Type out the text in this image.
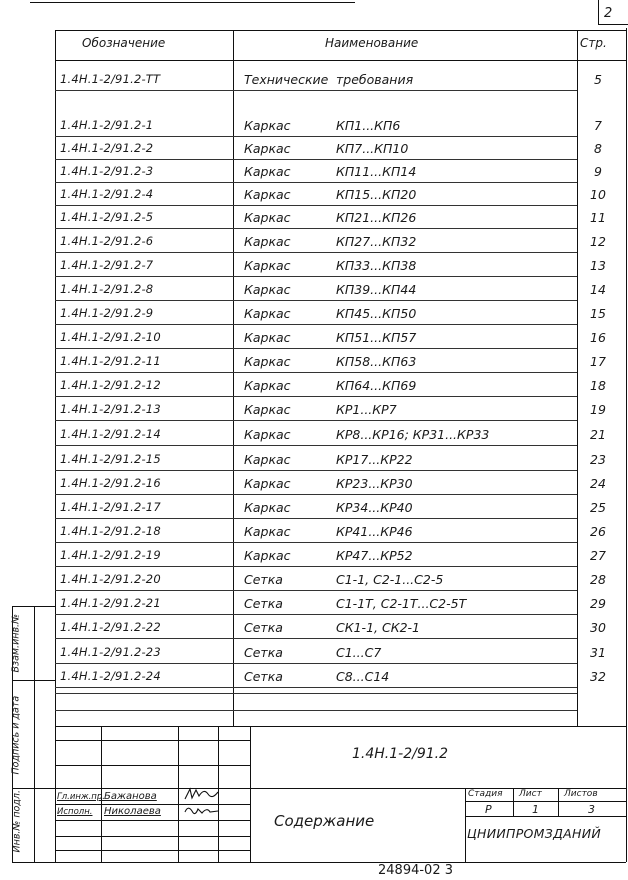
2
Обозначение	Наименование	Стр.
1.4Н.1-2/91.2-ТТ	Технические требования	5
1.4Н.1-2/91.2-1	Каркас	КП1...КП6	7
1.4Н.1-2/91.2-2	Каркас	КП7...КП10	8
1.4Н.1-2/91.2-3	Каркас	КП11...КП14	9
1.4Н.1-2/91.2-4	Каркас	КП15...КП20	10
1.4Н.1-2/91.2-5	Каркас	КП21...КП26	11
1.4Н.1-2/91.2-6	Каркас	КП27...КП32	12
1.4Н.1-2/91.2-7	Каркас	КП33...КП38	13
1.4Н.1-2/91.2-8	Каркас	КП39...КП44	14
1.4Н.1-2/91.2-9	Каркас	КП45...КП50	15
1.4Н.1-2/91.2-10	Каркас	КП51...КП57	16
1.4Н.1-2/91.2-11	Каркас	КП58...КП63	17
1.4Н.1-2/91.2-12	Каркас	КП64...КП69	18
1.4Н.1-2/91.2-13	Каркас	КР1...КР7	19
1.4Н.1-2/91.2-14	Каркас	КР8...КР16; КР31...КР33	21
1.4Н.1-2/91.2-15	Каркас	КР17...КР22	23
1.4Н.1-2/91.2-16	Каркас	КР23...КР30	24
1.4Н.1-2/91.2-17	Каркас	КР34...КР40	25
1.4Н.1-2/91.2-18	Каркас	КР41...КР46	26
1.4Н.1-2/91.2-19	Каркас	КР47...КР52	27
1.4Н.1-2/91.2-20	Сетка	С1-1, С2-1...С2-5	28
1.4Н.1-2/91.2-21	Сетка	С1-1Т, С2-1Т...С2-5Т	29
1.4Н.1-2/91.2-22	Сетка	СК1-1, СК2-1	30
1.4Н.1-2/91.2-23	Сетка	С1...С7	31
1.4Н.1-2/91.2-24	Сетка	С8...С14	32
Взам.инв.№
Подпись и дата
Инв.№ подл.
1.4Н.1-2/91.2
Содержание
Стадия Лист Листов
Р	1	3
ЦНИИПРОМЗДАНИЙ
Гл.инж.пр. Бажанова
Исполн. Николаева
24894-02 3
